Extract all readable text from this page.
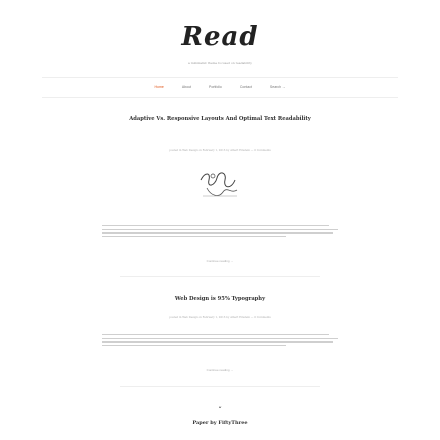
Read
a minimalist theme focused on readability
Home	About	Portfolio	Contact	Search →
Adaptive Vs. Responsive Layouts And Optimal Text Readability
posted in Web Design on February 1, 2013 by Albert Einstein — 0 Comments
Continue reading →
Web Design is 95% Typography
posted in Web Design on February 1, 2013 by Albert Einstein — 0 Comments
Continue reading →
“
Paper by FiftyThree
